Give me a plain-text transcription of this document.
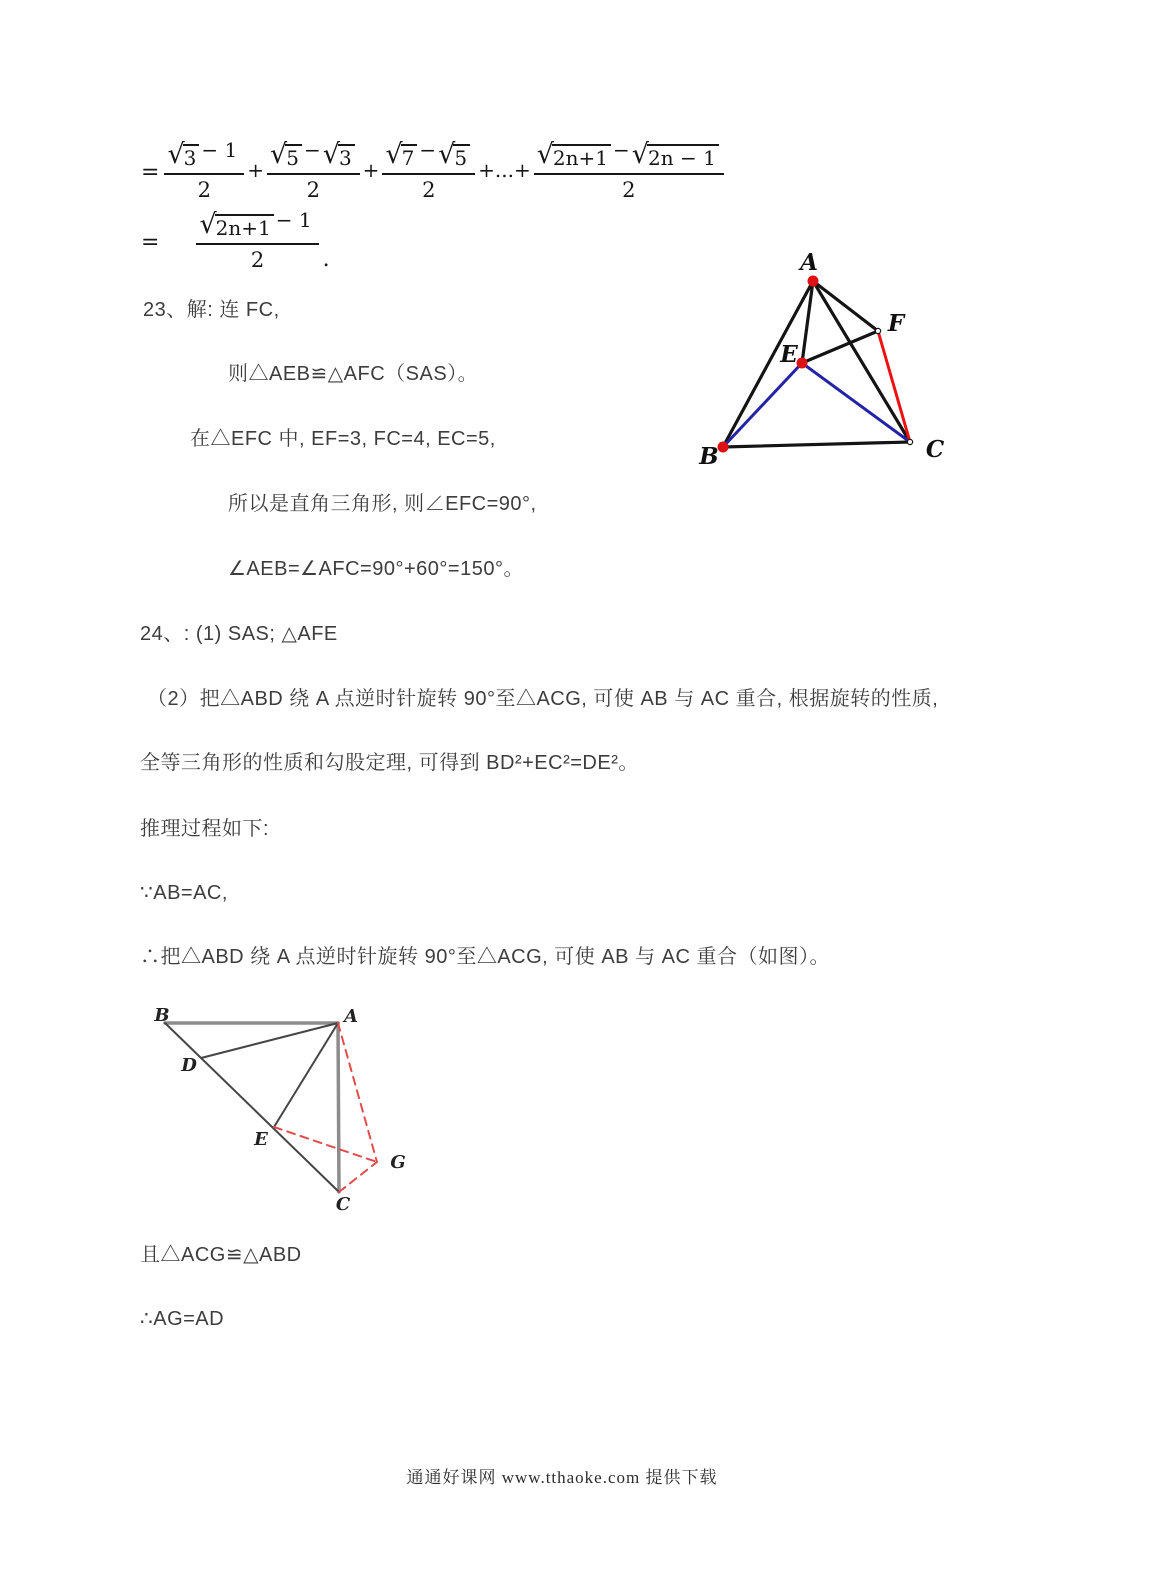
= $\frac{√ 3 - 1}{2} + \frac{√ 5 - √ 3}{2} + \frac{√ 7 - √ 5}{2}$ +...+ $\frac{√ 2n+1 - √ 2n - 1}{2}$
= $\frac{√ 2n+1 - 1}{2}$ .
23、解: 连 FC,
则△AEB≌△AFC（SAS）。
在△EFC 中, EF=3, FC=4, EC=5,
所以是直角三角形, 则∠EFC=90°,
∠AEB=∠AFC=90°+60°=150°。
24、: (1) SAS; △AFE
（2）把△ABD 绕 A 点逆时针旋转 90°至△ACG, 可使 AB 与 AC 重合, 根据旋转的性质,
全等三角形的性质和勾股定理, 可得到 BD²+EC²=DE²。
推理过程如下:
∵AB=AC,
∴把△ABD 绕 A 点逆时针旋转 90°至△ACG, 可使 AB 与 AC 重合（如图）。
且△ACG≌△ABD
∴AG=AD
A
B	C
E
F
B	A
D
E
G
C
通通好课网 www.tthaoke.com 提供下载
